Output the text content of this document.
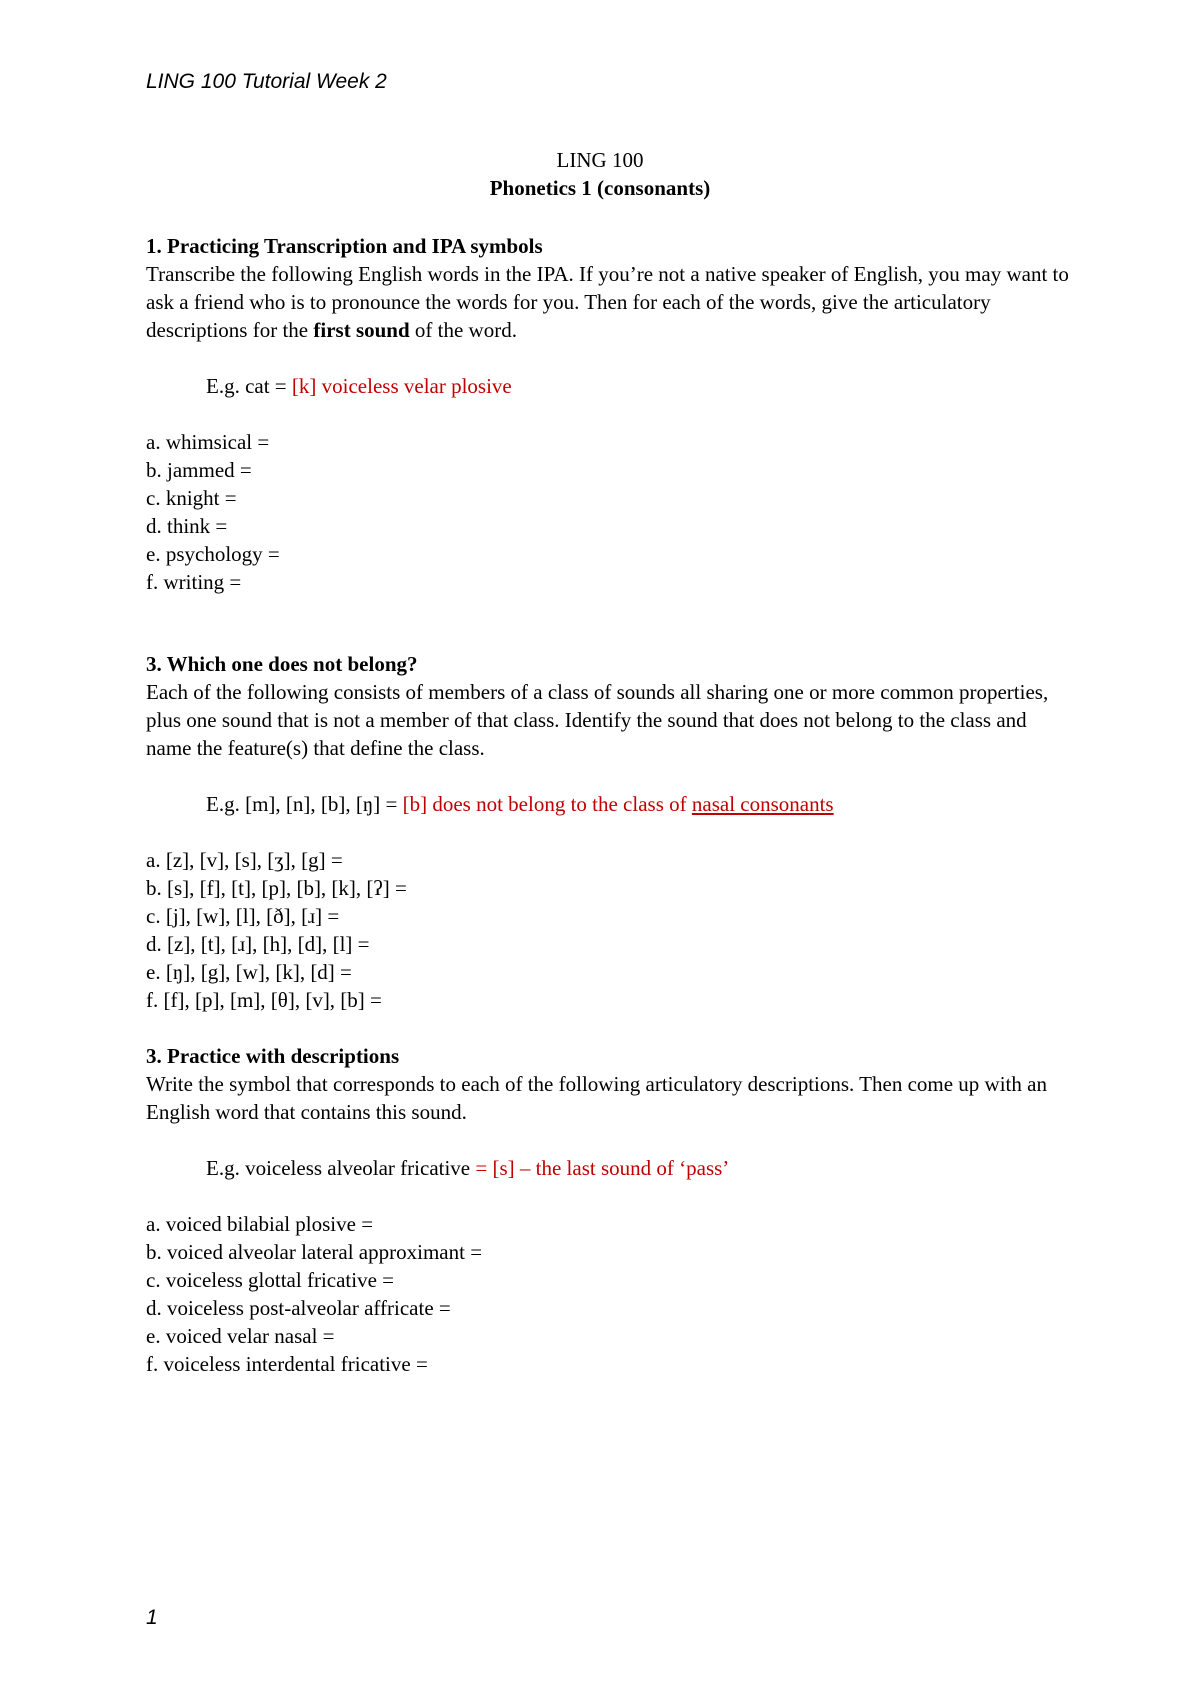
LING 100 Tutorial Week 2
LING 100
Phonetics 1 (consonants)
1. Practicing Transcription and IPA symbols

Transcribe the following English words in the IPA. If you’re not a native speaker of English, you may want to ask a friend who is to pronounce the words for you. Then for each of the words, give the articulatory descriptions for the first sound of the word.

E.g. cat = [k] voiceless velar plosive
a. whimsical =
b. jammed =
c. knight =
d. think =
e. psychology =
f. writing =
3. Which one does not belong?

Each of the following consists of members of a class of sounds all sharing one or more common properties, plus one sound that is not a member of that class. Identify the sound that does not belong to the class and name the feature(s) that define the class.

E.g. [m], [n], [b], [ŋ] = [b] does not belong to the class of nasal consonants
a. [z], [v], [s], [ʒ], [g] =
b. [s], [f], [t], [p], [b], [k], [ʔ] =
c. [j], [w], [l], [ð], [ɹ] =
d. [z], [t], [ɹ], [h], [d], [l] =
e. [ŋ], [g], [w], [k], [d] =
f. [f], [p], [m], [θ], [v], [b] =
3. Practice with descriptions

Write the symbol that corresponds to each of the following articulatory descriptions. Then come up with an English word that contains this sound.

E.g. voiceless alveolar fricative = [s] – the last sound of ‘pass’
a. voiced bilabial plosive =
b. voiced alveolar lateral approximant =
c. voiceless glottal fricative =
d. voiceless post-alveolar affricate =
e. voiced velar nasal =
f. voiceless interdental fricative =
1
